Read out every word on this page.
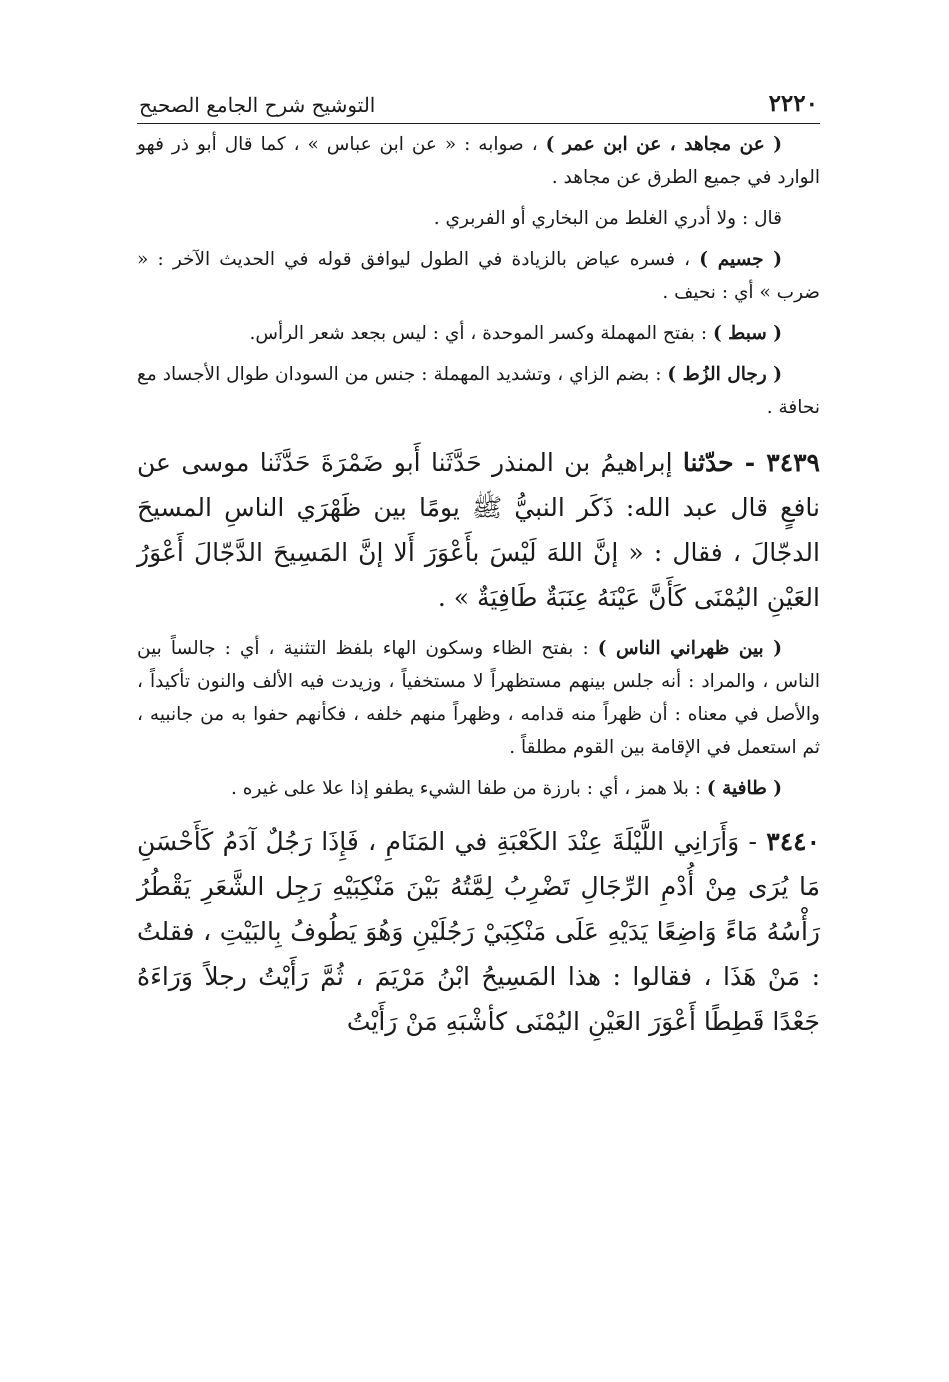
٢٢٢٠
التوشيح شرح الجامع الصحيح

( عن مجاهد ، عن ابن عمر ) ، صوابه : « عن ابن عباس » ، كما قال أبو ذر فهو الوارد في جميع الطرق عن مجاهد .

قال : ولا أدري الغلط من البخاري أو الفربري .

( جسيم ) ، فسره عياض بالزيادة في الطول ليوافق قوله في الحديث الآخر : « ضرب » أي : نحيف .

( سبط ) : بفتح المهملة وكسر الموحدة ، أي : ليس بجعد شعر الرأس.

( رجال الزُط ) : بضم الزاي ، وتشديد المهملة : جنس من السودان طوال الأجساد مع نحافة .

٣٤٣٩ - حدّثنا إبراهيمُ بن المنذر حَدَّثَنا أَبو ضَمْرَةَ حَدَّثَنا موسى عن نافعٍ قال عبد الله: ذَكَر النبيُّ ﷺ يومًا بين ظَهْرَي الناسِ المسيحَ الدجّالَ ، فقال : « إنَّ اللهَ لَيْسَ بأَعْوَرَ أَلا إنَّ المَسِيحَ الدَّجّالَ أَعْوَرُ العَيْنِ اليُمْنَى كَأَنَّ عَيْنَهُ عِنَبَةٌ طَافِيَةٌ » .

( بين ظهراني الناس ) : بفتح الظاء وسكون الهاء بلفظ التثنية ، أي : جالساً بين الناس ، والمراد : أنه جلس بينهم مستظهراً لا مستخفياً ، وزيدت فيه الألف والنون تأكيداً ، والأصل في معناه : أن ظهراً منه قدامه ، وظهراً منهم خلفه ، فكأنهم حفوا به من جانبيه ، ثم استعمل في الإقامة بين القوم مطلقاً .

( طافية ) : بلا همز ، أي : بارزة من طفا الشيء يطفو إذا علا على غيره .

٣٤٤٠ - وَأَرَانِي اللَّيْلَةَ عِنْدَ الكَعْبَةِ في المَنَامِ ، فَإِذَا رَجُلٌ آدَمُ كَأَحْسَنِ مَا يُرَى مِنْ أُدْمِ الرِّجَالِ تَضْرِبُ لِمَّتُهُ بَيْنَ مَنْكِبَيْهِ رَجِل الشَّعَرِ يَقْطُرُ رَأْسُهُ مَاءً وَاضِعًا يَدَيْهِ عَلَى مَنْكِبَيْ رَجُلَيْنِ وَهُوَ يَطُوفُ بِالبَيْتِ ، فقلتُ : مَنْ هَذَا ، فقالوا : هذا المَسِيحُ ابْنُ مَرْيَمَ ، ثُمَّ رَأَيْتُ رجلاً وَرَاءَهُ جَعْدًا قَطِطًا أَعْوَرَ العَيْنِ اليُمْنَى كأشْبَهِ مَنْ رَأَيْتُ
